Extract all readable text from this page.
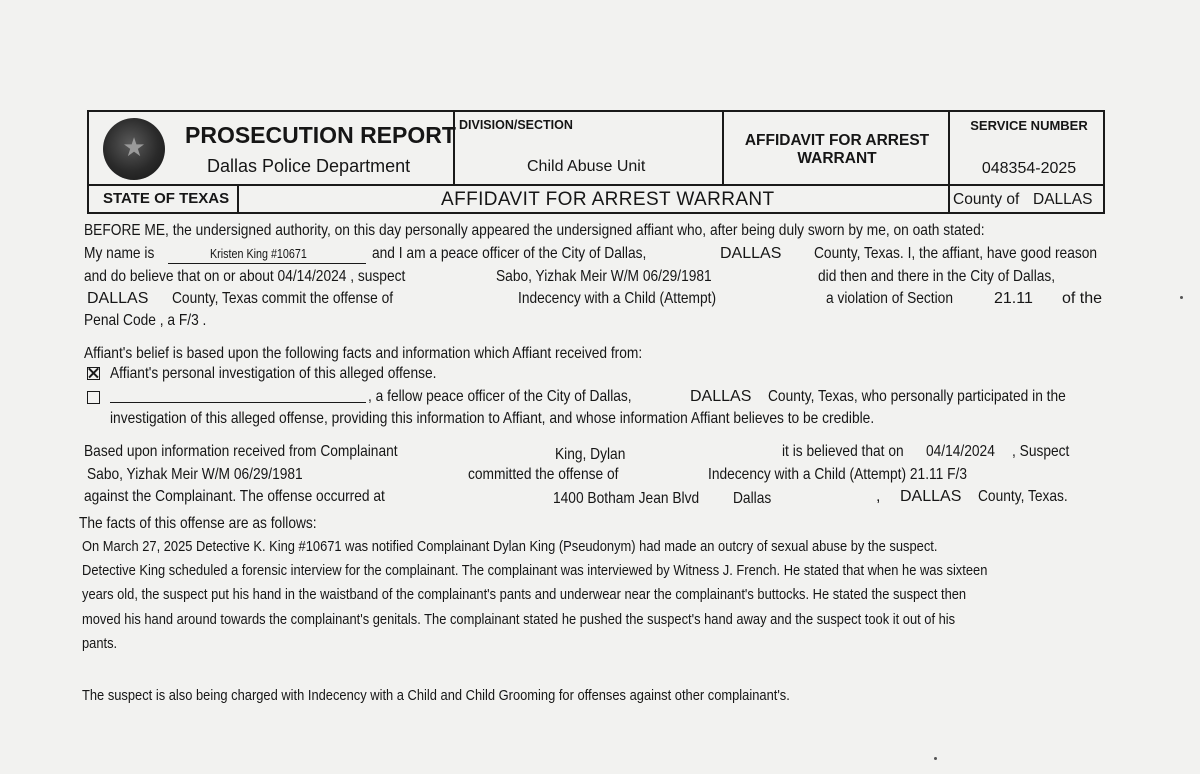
★	PROSECUTION REPORT
Dallas Police Department
DIVISION/SECTION
Child Abuse Unit
AFFIDAVIT FOR ARREST
WARRANT
SERVICE NUMBER
048354-2025
STATE OF TEXAS	AFFIDAVIT FOR ARREST WARRANT	County of DALLAS
BEFORE ME, the undersigned authority, on this day personally appeared the undersigned affiant who, after being duly sworn by me, on oath stated:
My name is	Kristen King #10671	and I am a peace officer of the City of Dallas,	DALLAS County, Texas. I, the affiant, have good reason
and do believe that on or about 04/14/2024 , suspect	Sabo, Yizhak Meir W/M 06/29/1981	did then and there in the City of Dallas,
DALLAS County, Texas commit the offense of	Indecency with a Child (Attempt)	a violation of Section	21.11 of the
Penal Code , a F/3 .
Affiant's belief is based upon the following facts and information which Affiant received from:
Affiant's personal investigation of this alleged offense.
, a fellow peace officer of the City of Dallas,	DALLAS County, Texas, who personally participated in the
investigation of this alleged offense, providing this information to Affiant, and whose information Affiant believes to be credible.
Based upon information received from Complainant	King, Dylan	it is believed that on 04/14/2024 , Suspect
Sabo, Yizhak Meir W/M 06/29/1981	committed the offense of	Indecency with a Child (Attempt) 21.11 F/3
against the Complainant. The offense occurred at	1400 Botham Jean Blvd Dallas	, DALLAS County, Texas.
The facts of this offense are as follows:
On March 27, 2025 Detective K. King #10671 was notified Complainant Dylan King (Pseudonym) had made an outcry of sexual abuse by the suspect.
Detective King scheduled a forensic interview for the complainant. The complainant was interviewed by Witness J. French. He stated that when he was sixteen
years old, the suspect put his hand in the waistband of the complainant's pants and underwear near the complainant's buttocks. He stated the suspect then
moved his hand around towards the complainant's genitals. The complainant stated he pushed the suspect's hand away and the suspect took it out of his
pants.
The suspect is also being charged with Indecency with a Child and Child Grooming for offenses against other complainant's.
